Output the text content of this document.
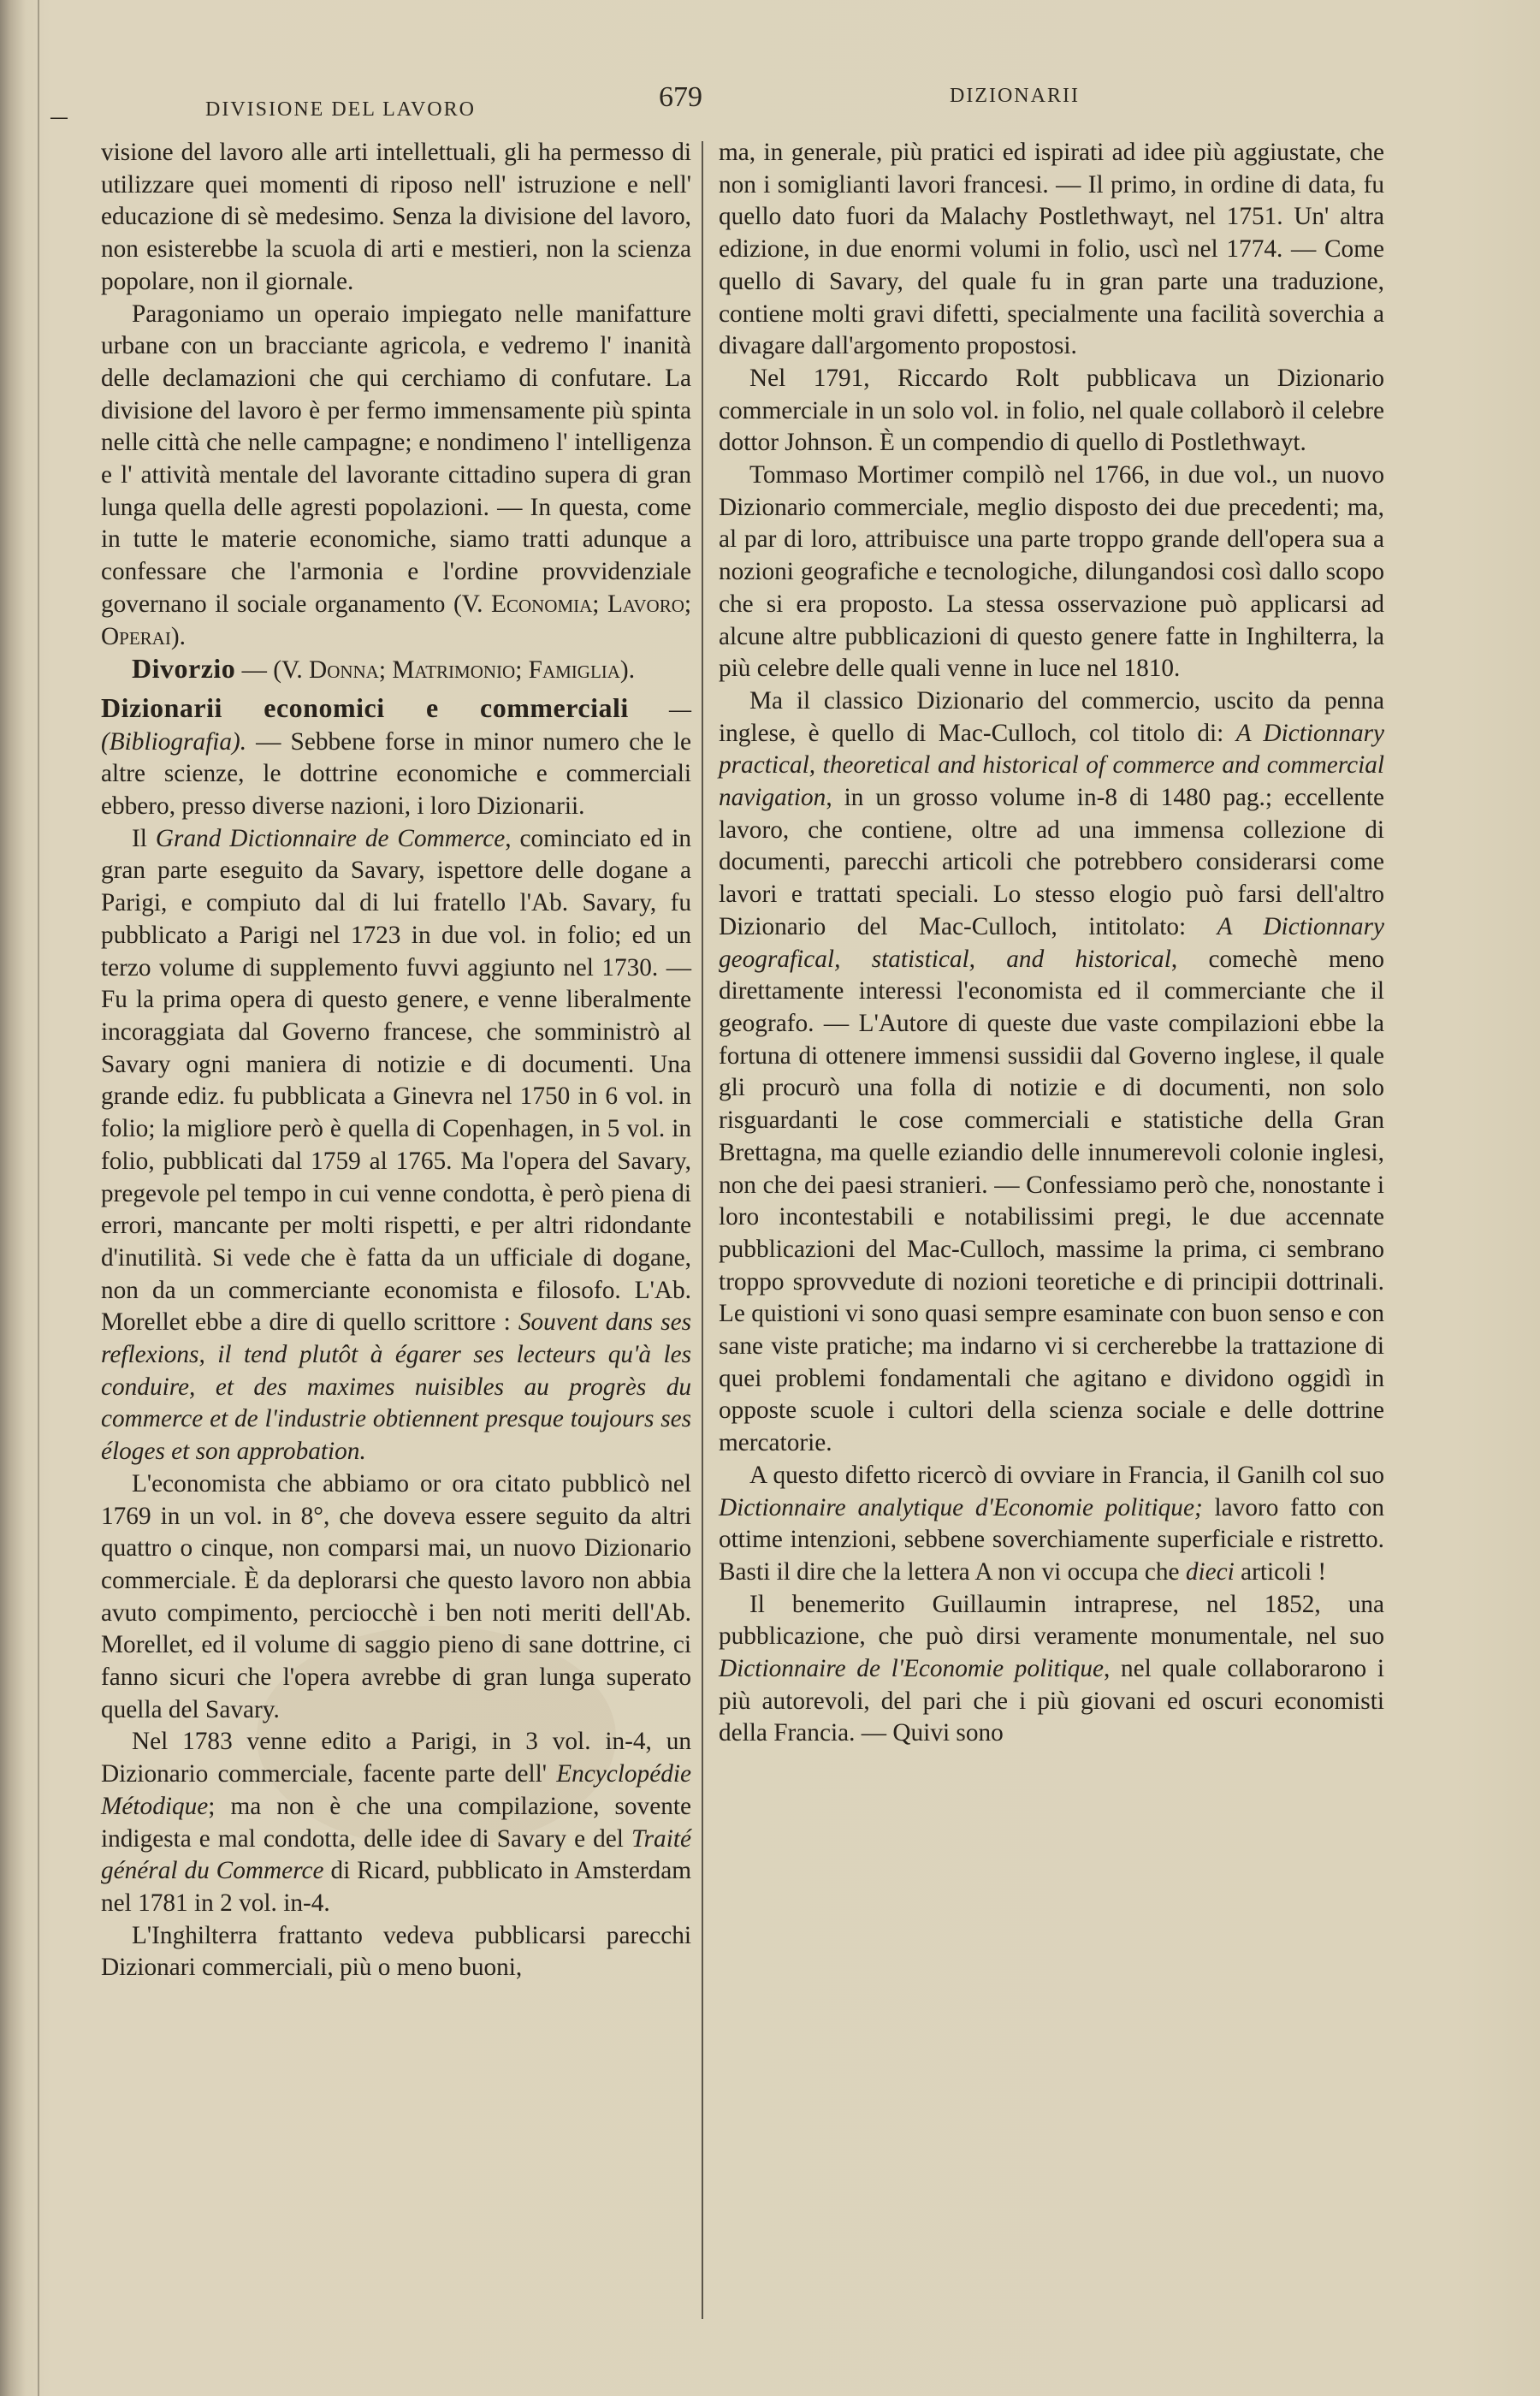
—	DIVISIONE DEL LAVORO	679	DIZIONARII

visione del lavoro alle arti intellettuali, gli ha permesso di utilizzare quei momenti di riposo nell' istruzione e nell' educazione di sè medesimo. Senza la divisione del lavoro, non esisterebbe la scuola di arti e mestieri, non la scienza popolare, non il giornale.

Paragoniamo un operaio impiegato nelle manifatture urbane con un bracciante agricola, e vedremo l' inanità delle declamazioni che qui cerchiamo di confutare. La divisione del lavoro è per fermo immensamente più spinta nelle città che nelle campagne; e nondimeno l' intelligenza e l' attività mentale del lavorante cittadino supera di gran lunga quella delle agresti popolazioni. — In questa, come in tutte le materie economiche, siamo tratti adunque a confessare che l'armonia e l'ordine provvidenziale governano il sociale organamento (V. Economia; Lavoro; Operai).

Divorzio — (V. Donna; Matrimonio; Famiglia).

Dizionarii economici e commerciali — (Bibliografia). — Sebbene forse in minor numero che le altre scienze, le dottrine economiche e commerciali ebbero, presso diverse nazioni, i loro Dizionarii.

Il Grand Dictionnaire de Commerce, cominciato ed in gran parte eseguito da Savary, ispettore delle dogane a Parigi, e compiuto dal di lui fratello l'Ab. Savary, fu pubblicato a Parigi nel 1723 in due vol. in folio; ed un terzo volume di supplemento fuvvi aggiunto nel 1730. — Fu la prima opera di questo genere, e venne liberalmente incoraggiata dal Governo francese, che somministrò al Savary ogni maniera di notizie e di documenti. Una grande ediz. fu pubblicata a Ginevra nel 1750 in 6 vol. in folio; la migliore però è quella di Copenhagen, in 5 vol. in folio, pubblicati dal 1759 al 1765. Ma l'opera del Savary, pregevole pel tempo in cui venne condotta, è però piena di errori, mancante per molti rispetti, e per altri ridondante d'inutilità. Si vede che è fatta da un ufficiale di dogane, non da un commerciante economista e filosofo. L'Ab. Morellet ebbe a dire di quello scrittore : Souvent dans ses reflexions, il tend plutôt à égarer ses lecteurs qu'à les conduire, et des maximes nuisibles au progrès du commerce et de l'industrie obtiennent presque toujours ses éloges et son approbation.

L'economista che abbiamo or ora citato pubblicò nel 1769 in un vol. in 8°, che doveva essere seguito da altri quattro o cinque, non comparsi mai, un nuovo Dizionario commerciale. È da deplorarsi che questo lavoro non abbia avuto compimento, perciocchè i ben noti meriti dell'Ab. Morellet, ed il volume di saggio pieno di sane dottrine, ci fanno sicuri che l'opera avrebbe di gran lunga superato quella del Savary.

Nel 1783 venne edito a Parigi, in 3 vol. in-4, un Dizionario commerciale, facente parte dell' Encyclopédie Métodique; ma non è che una compilazione, sovente indigesta e mal condotta, delle idee di Savary e del Traité général du Commerce di Ricard, pubblicato in Amsterdam nel 1781 in 2 vol. in-4.

L'Inghilterra frattanto vedeva pubblicarsi parecchi Dizionari commerciali, più o meno buoni,

ma, in generale, più pratici ed ispirati ad idee più aggiustate, che non i somiglianti lavori francesi. — Il primo, in ordine di data, fu quello dato fuori da Malachy Postlethwayt, nel 1751. Un' altra edizione, in due enormi volumi in folio, uscì nel 1774. — Come quello di Savary, del quale fu in gran parte una traduzione, contiene molti gravi difetti, specialmente una facilità soverchia a divagare dall'argomento propostosi.

Nel 1791, Riccardo Rolt pubblicava un Dizionario commerciale in un solo vol. in folio, nel quale collaborò il celebre dottor Johnson. È un compendio di quello di Postlethwayt.

Tommaso Mortimer compilò nel 1766, in due vol., un nuovo Dizionario commerciale, meglio disposto dei due precedenti; ma, al par di loro, attribuisce una parte troppo grande dell'opera sua a nozioni geografiche e tecnologiche, dilungandosi così dallo scopo che si era proposto. La stessa osservazione può applicarsi ad alcune altre pubblicazioni di questo genere fatte in Inghilterra, la più celebre delle quali venne in luce nel 1810.

Ma il classico Dizionario del commercio, uscito da penna inglese, è quello di Mac-Culloch, col titolo di: A Dictionnary practical, theoretical and historical of commerce and commercial navigation, in un grosso volume in-8 di 1480 pag.; eccellente lavoro, che contiene, oltre ad una immensa collezione di documenti, parecchi articoli che potrebbero considerarsi come lavori e trattati speciali. Lo stesso elogio può farsi dell'altro Dizionario del Mac-Culloch, intitolato: A Dictionnary geografical, statistical, and historical, comechè meno direttamente interessi l'economista ed il commerciante che il geografo. — L'Autore di queste due vaste compilazioni ebbe la fortuna di ottenere immensi sussidii dal Governo inglese, il quale gli procurò una folla di notizie e di documenti, non solo risguardanti le cose commerciali e statistiche della Gran Brettagna, ma quelle eziandio delle innumerevoli colonie inglesi, non che dei paesi stranieri. — Confessiamo però che, nonostante i loro incontestabili e notabilissimi pregi, le due accennate pubblicazioni del Mac-Culloch, massime la prima, ci sembrano troppo sprovvedute di nozioni teoretiche e di principii dottrinali. Le quistioni vi sono quasi sempre esaminate con buon senso e con sane viste pratiche; ma indarno vi si cercherebbe la trattazione di quei problemi fondamentali che agitano e dividono oggidì in opposte scuole i cultori della scienza sociale e delle dottrine mercatorie.

A questo difetto ricercò di ovviare in Francia, il Ganilh col suo Dictionnaire analytique d'Economie politique; lavoro fatto con ottime intenzioni, sebbene soverchiamente superficiale e ristretto. Basti il dire che la lettera A non vi occupa che dieci articoli !

Il benemerito Guillaumin intraprese, nel 1852, una pubblicazione, che può dirsi veramente monumentale, nel suo Dictionnaire de l'Economie politique, nel quale collaborarono i più autorevoli, del pari che i più giovani ed oscuri economisti della Francia. — Quivi sono
